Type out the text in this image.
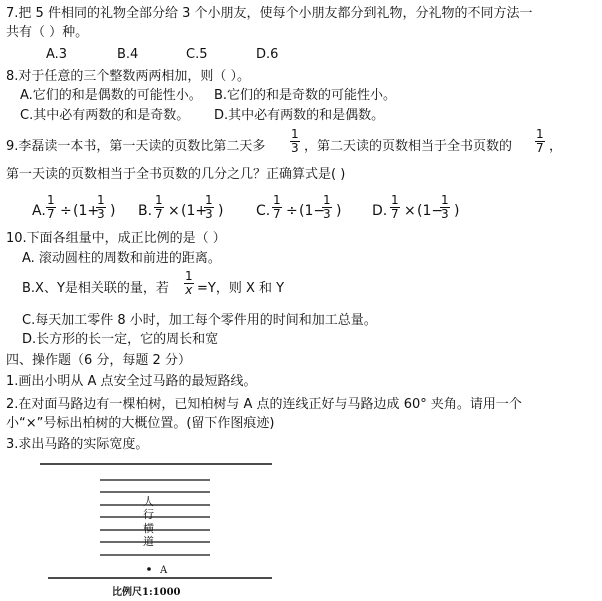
7.把 5 件相同的礼物全部分给 3 个小朋友，使每个小朋友都分到礼物，分礼物的不同方法一
共有（ ）种。
A.3	B.4	C.5	D.6
8.对于任意的三个整数两两相加，则（ ）。
A.它们的和是偶数的可能性小。 B.它们的和是奇数的可能性小。
C.其中必有两数的和是奇数。 D.其中必有两数的和是偶数。
9.李磊读一本书，第一天读的页数比第二天多
1
3 ，第二天读的页数相当于全书页数的
1
7 ，
第一天读的页数相当于全书页数的几分之几？正确算式是( )
A.
1
7 ÷ (1+
1
3 ) B.
1
7 × (1+
1
3 ) C.
1
7 ÷ (1−
1
3 ) D.
1
7 × (1−
1
3 )
10.下面各组量中，成正比例的是（ ）
A. 滚动圆柱的周数和前进的距离。
B.X、Y是相关联的量，若
1
x =Y，则 X 和 Y
C.每天加工零件 8 小时，加工每个零件用的时间和加工总量。
D.长方形的长一定，它的周长和宽
四、操作题（6 分，每题 2 分）
1.画出小明从 A 点安全过马路的最短路线。
2.在对面马路边有一棵柏树，已知柏树与 A 点的连线正好与马路边成 60° 夹角。请用一个
小“×”号标出柏树的大概位置。(留下作图痕迹)
3.求出马路的实际宽度。
人
行
横
道
A
比例尺1:1000
